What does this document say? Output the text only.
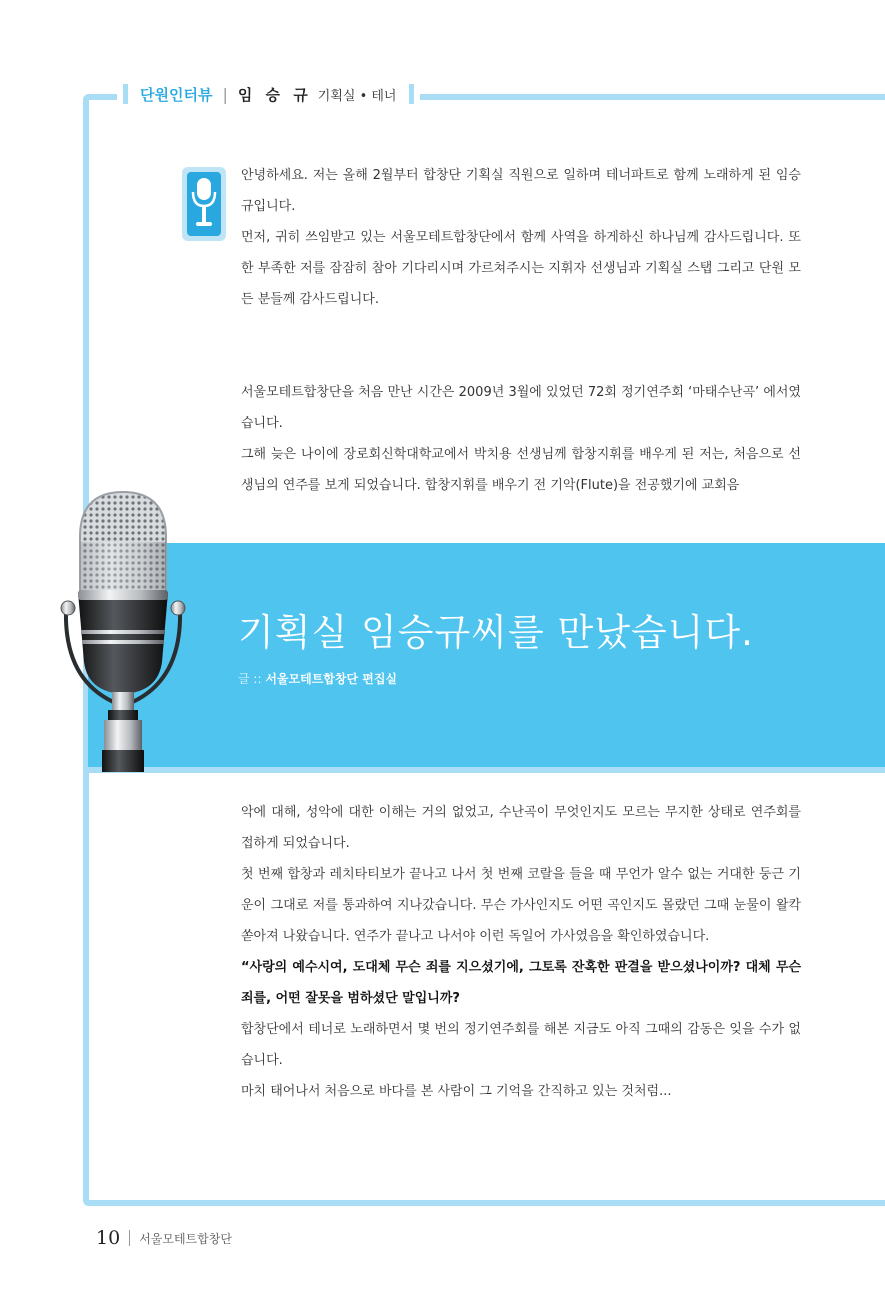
단원인터뷰 | 임 승 규 기획실 • 테너

안녕하세요. 저는 올해 2월부터 합창단 기획실 직원으로 일하며 테너파트로 함께 노래하게 된 임승규입니다.

먼저, 귀히 쓰임받고 있는 서울모테트합창단에서 함께 사역을 하게하신 하나님께 감사드립니다. 또한 부족한 저를 잠잠히 참아 기다리시며 가르쳐주시는 지휘자 선생님과 기획실 스탭 그리고 단원 모든 분들께 감사드립니다.

서울모테트합창단을 처음 만난 시간은 2009년 3월에 있었던 72회 정기연주회 ‘마태수난곡’ 에서였습니다.

그해 늦은 나이에 장로회신학대학교에서 박치용 선생님께 합창지휘를 배우게 된 저는, 처음으로 선생님의 연주를 보게 되었습니다. 합창지휘를 배우기 전 기악(Flute)을 전공했기에 교회음

기획실 임승규씨를 만났습니다.
글 :: 서울모테트합창단 편집실

악에 대해, 성악에 대한 이해는 거의 없었고, 수난곡이 무엇인지도 모르는 무지한 상태로 연주회를 접하게 되었습니다.

첫 번째 합창과 레치타티보가 끝나고 나서 첫 번째 코랄을 들을 때 무언가 알수 없는 거대한 둥근 기운이 그대로 저를 통과하여 지나갔습니다. 무슨 가사인지도 어떤 곡인지도 몰랐던 그때 눈물이 왈칵 쏟아져 나왔습니다. 연주가 끝나고 나서야 이런 독일어 가사였음을 확인하였습니다.

“사랑의 예수시여, 도대체 무슨 죄를 지으셨기에, 그토록 잔혹한 판결을 받으셨나이까? 대체 무슨 죄를, 어떤 잘못을 범하셨단 말입니까?

합창단에서 테너로 노래하면서 몇 번의 정기연주회를 해본 지금도 아직 그때의 감동은 잊을 수가 없습니다.

마치 태어나서 처음으로 바다를 본 사람이 그 기억을 간직하고 있는 것처럼...

10 서울모테트합창단
